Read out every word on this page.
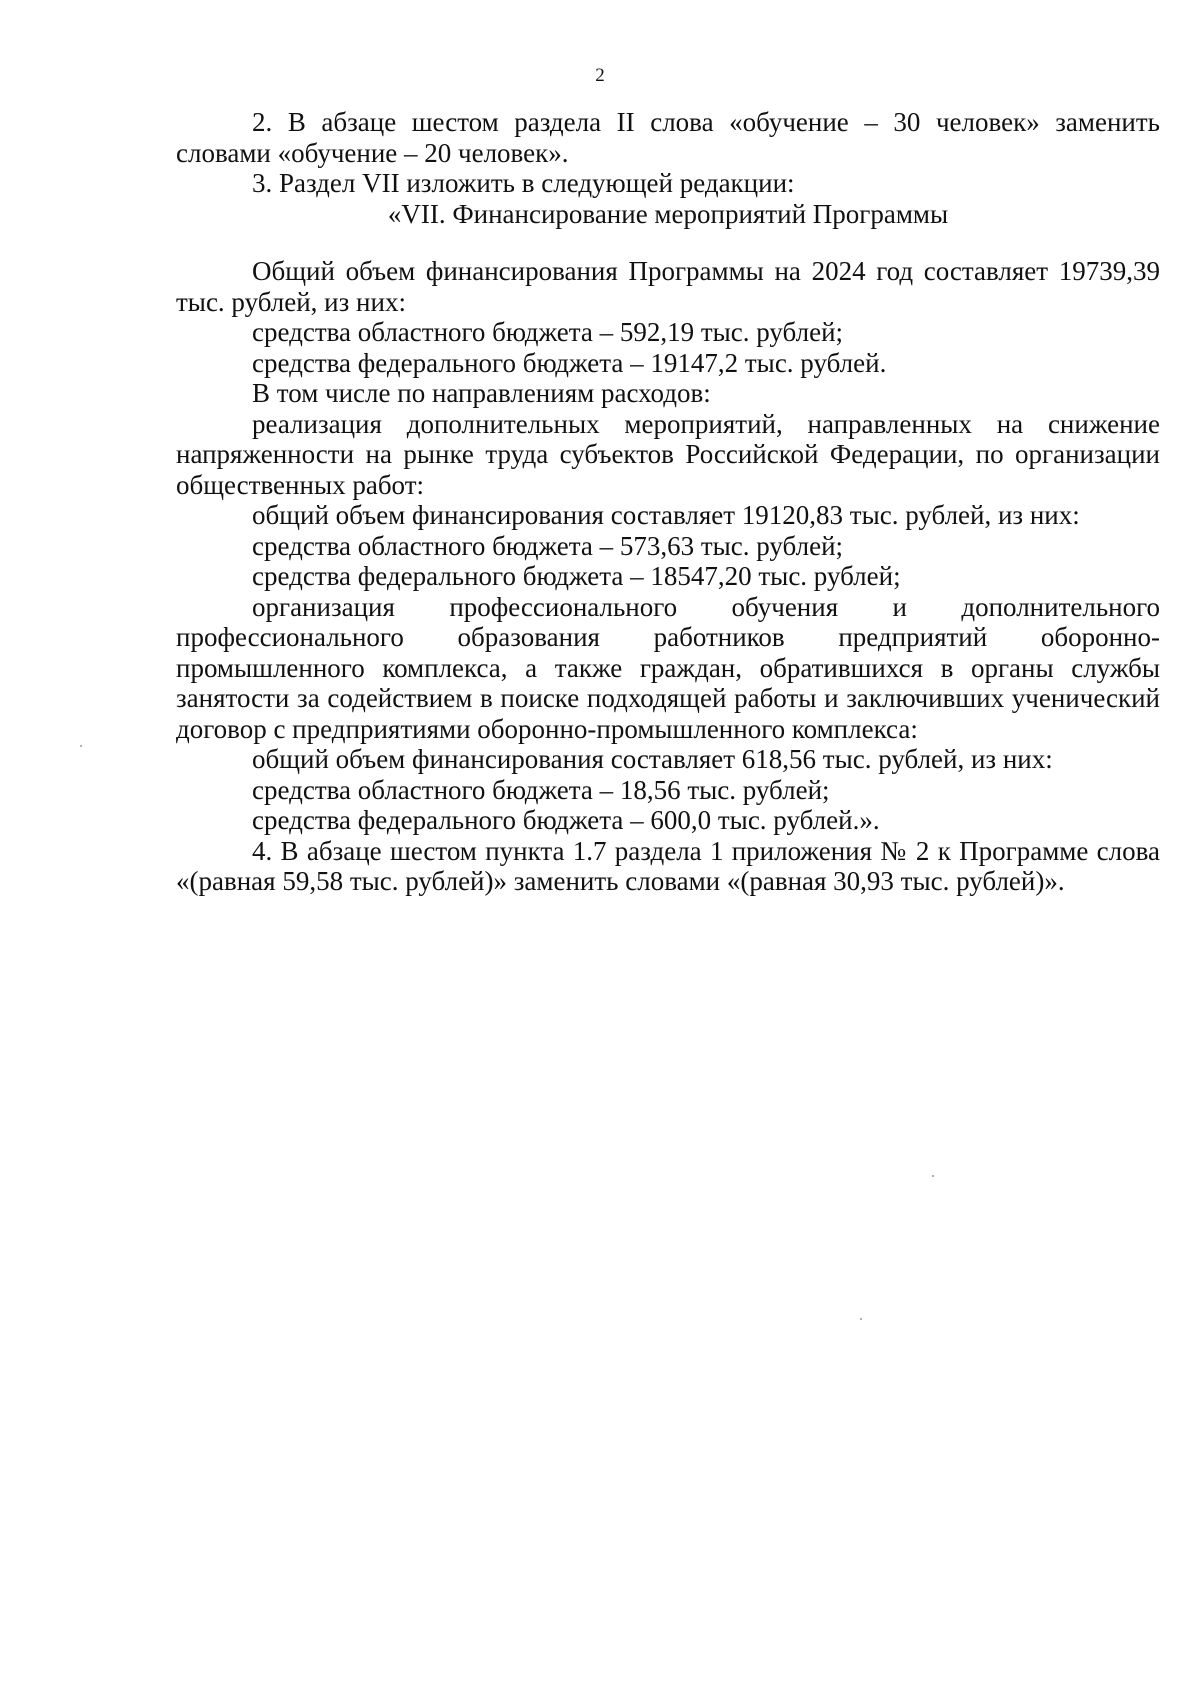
2

2. В абзаце шестом раздела II слова «обучение – 30 человек» заменить словами «обучение – 20 человек».

3. Раздел VII изложить в следующей редакции:

«VII. Финансирование мероприятий Программы

Общий объем финансирования Программы на 2024 год составляет 19739,39 тыс. рублей, из них:

средства областного бюджета – 592,19 тыс. рублей;

средства федерального бюджета – 19147,2 тыс. рублей.

В том числе по направлениям расходов:

реализация дополнительных мероприятий, направленных на снижение напряженности на рынке труда субъектов Российской Федерации, по организации общественных работ:

общий объем финансирования составляет 19120,83 тыс. рублей, из них:

средства областного бюджета – 573,63 тыс. рублей;

средства федерального бюджета – 18547,20 тыс. рублей;

организация профессионального обучения и дополнительного профессионального образования работников предприятий оборонно-промышленного комплекса, а также граждан, обратившихся в органы службы занятости за содействием в поиске подходящей работы и заключивших ученический договор с предприятиями оборонно-промышленного комплекса:

общий объем финансирования составляет 618,56 тыс. рублей, из них:

средства областного бюджета – 18,56 тыс. рублей;

средства федерального бюджета – 600,0 тыс. рублей.».

4. В абзаце шестом пункта 1.7 раздела 1 приложения № 2 к Программе слова «(равная 59,58 тыс. рублей)» заменить словами «(равная 30,93 тыс. рублей)».
